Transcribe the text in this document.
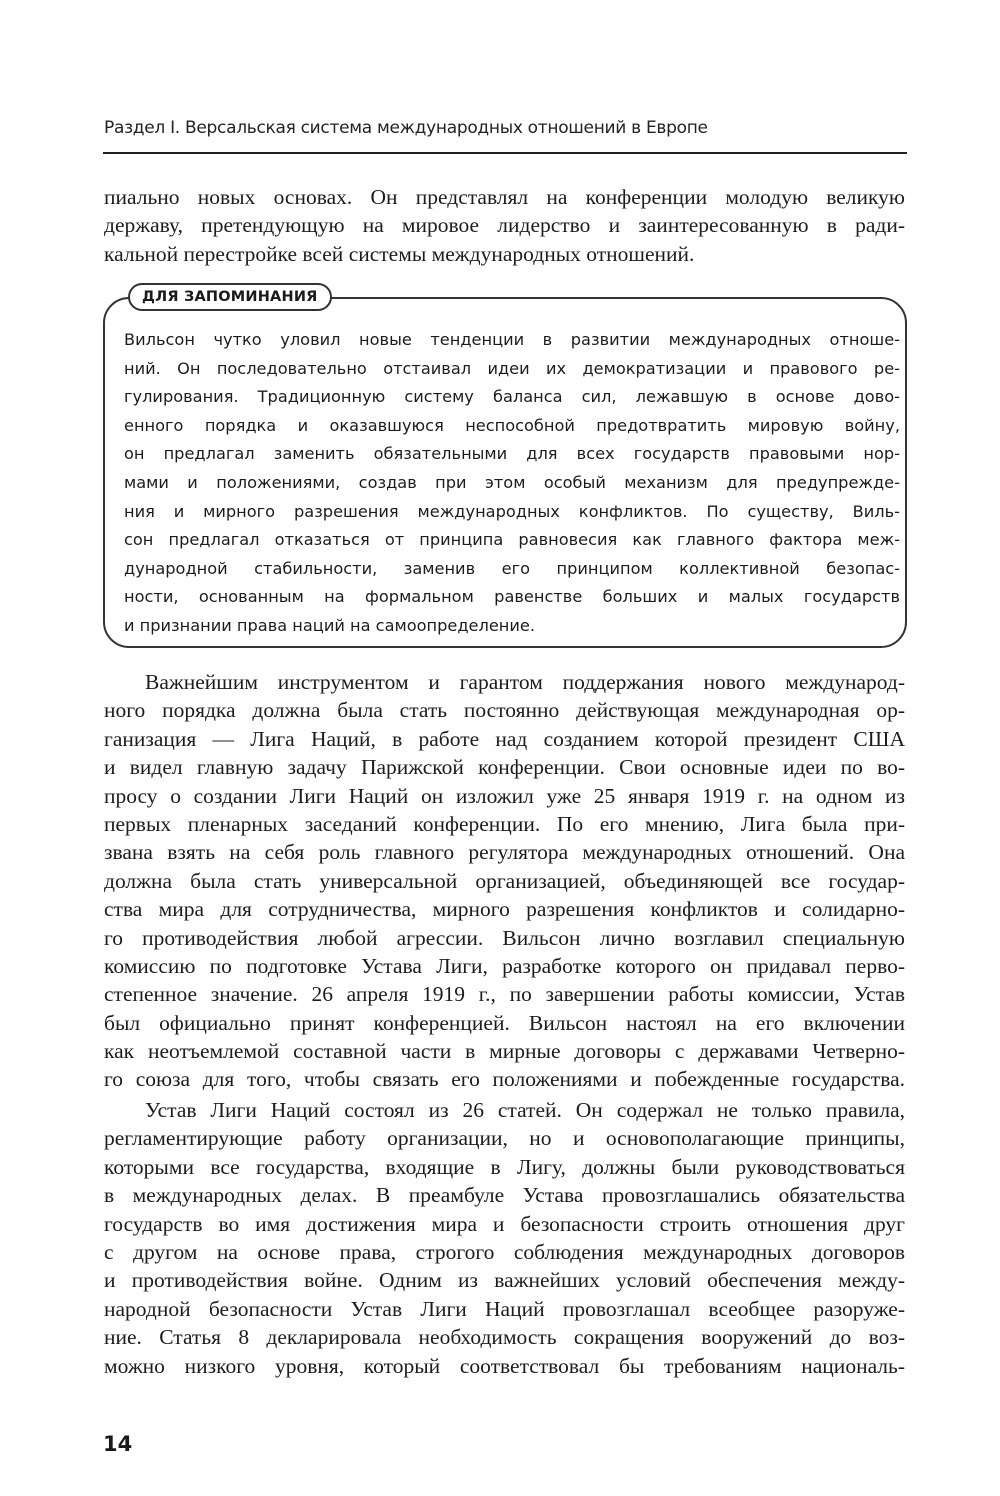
Раздел I. Версальская система международных отношений в Европе
пиально новых основах. Он представлял на конференции молодую великую
державу, претендующую на мировое лидерство и заинтересованную в ради-
кальной перестройке всей системы международных отношений.
ДЛЯ ЗАПОМИНАНИЯ
Вильсон чутко уловил новые тенденции в развитии международных отноше-
ний. Он последовательно отстаивал идеи их демократизации и правового ре-
гулирования. Традиционную систему баланса сил, лежавшую в основе дово-
енного порядка и оказавшуюся неспособной предотвратить мировую войну,
он предлагал заменить обязательными для всех государств правовыми нор-
мами и положениями, создав при этом особый механизм для предупрежде-
ния и мирного разрешения международных конфликтов. По существу, Виль-
сон предлагал отказаться от принципа равновесия как главного фактора меж-
дународной стабильности, заменив его принципом коллективной безопас-
ности, основанным на формальном равенстве больших и малых государств
и признании права наций на самоопределение.
Важнейшим инструментом и гарантом поддержания нового международ-
ного порядка должна была стать постоянно действующая международная ор-
ганизация — Лига Наций, в работе над созданием которой президент США
и видел главную задачу Парижской конференции. Свои основные идеи по во-
просу о создании Лиги Наций он изложил уже 25 января 1919 г. на одном из
первых пленарных заседаний конференции. По его мнению, Лига была при-
звана взять на себя роль главного регулятора международных отношений. Она
должна была стать универсальной организацией, объединяющей все государ-
ства мира для сотрудничества, мирного разрешения конфликтов и солидарно-
го противодействия любой агрессии. Вильсон лично возглавил специальную
комиссию по подготовке Устава Лиги, разработке которого он придавал перво-
степенное значение. 26 апреля 1919 г., по завершении работы комиссии, Устав
был официально принят конференцией. Вильсон настоял на его включении
как неотъемлемой составной части в мирные договоры с державами Четверно-
го союза для того, чтобы связать его положениями и побежденные государства.
Устав Лиги Наций состоял из 26 статей. Он содержал не только правила,
регламентирующие работу организации, но и основополагающие принципы,
которыми все государства, входящие в Лигу, должны были руководствоваться
в международных делах. В преамбуле Устава провозглашались обязательства
государств во имя достижения мира и безопасности строить отношения друг
с другом на основе права, строгого соблюдения международных договоров
и противодействия войне. Одним из важнейших условий обеспечения между-
народной безопасности Устав Лиги Наций провозглашал всеобщее разоруже-
ние. Статья 8 декларировала необходимость сокращения вооружений до воз-
можно низкого уровня, который соответствовал бы требованиям националь-
14
